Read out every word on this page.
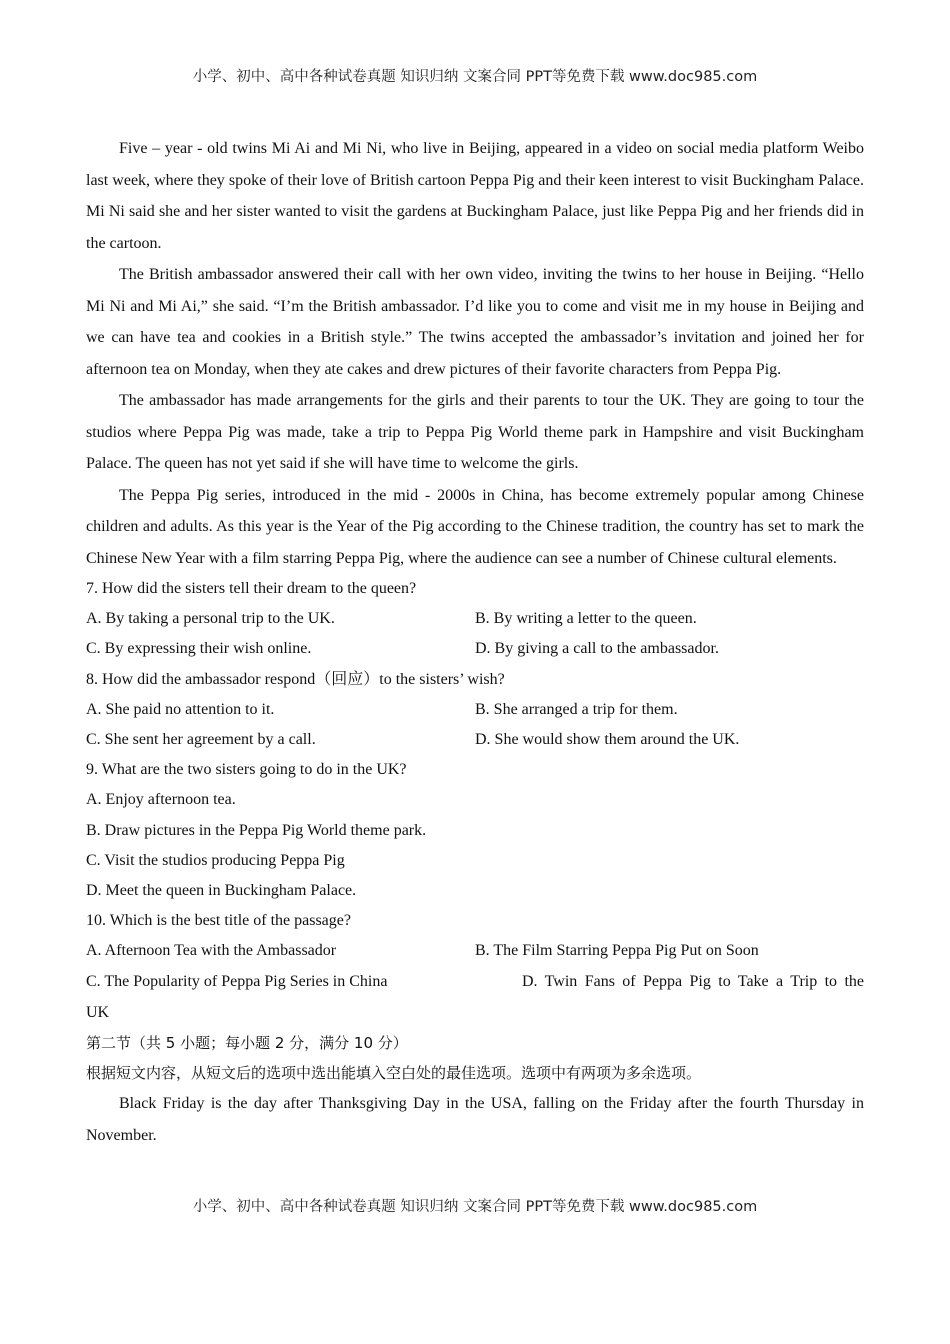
小学、初中、高中各种试卷真题 知识归纳 文案合同 PPT等免费下载 www.doc985.com

Five – year - old twins Mi Ai and Mi Ni, who live in Beijing, appeared in a video on social media platform Weibo last week, where they spoke of their love of British cartoon Peppa Pig and their keen interest to visit Buckingham Palace. Mi Ni said she and her sister wanted to visit the gardens at Buckingham Palace, just like Peppa Pig and her friends did in the cartoon.

The British ambassador answered their call with her own video, inviting the twins to her house in Beijing. “Hello Mi Ni and Mi Ai,” she said. “I’m the British ambassador. I’d like you to come and visit me in my house in Beijing and we can have tea and cookies in a British style.” The twins accepted the ambassador’s invitation and joined her for afternoon tea on Monday, when they ate cakes and drew pictures of their favorite characters from Peppa Pig.

The ambassador has made arrangements for the girls and their parents to tour the UK. They are going to tour the studios where Peppa Pig was made, take a trip to Peppa Pig World theme park in Hampshire and visit Buckingham Palace. The queen has not yet said if she will have time to welcome the girls.

The Peppa Pig series, introduced in the mid - 2000s in China, has become extremely popular among Chinese children and adults. As this year is the Year of the Pig according to the Chinese tradition, the country has set to mark the Chinese New Year with a film starring Peppa Pig, where the audience can see a number of Chinese cultural elements.

7. How did the sisters tell their dream to the queen?

A. By taking a personal trip to the UK.	B. By writing a letter to the queen.

C. By expressing their wish online.	D. By giving a call to the ambassador.

8. How did the ambassador respond（回应）to the sisters’ wish?

A. She paid no attention to it.	B. She arranged a trip for them.

C. She sent her agreement by a call.	D. She would show them around the UK.

9. What are the two sisters going to do in the UK?

A. Enjoy afternoon tea.

B. Draw pictures in the Peppa Pig World theme park.

C. Visit the studios producing Peppa Pig

D. Meet the queen in Buckingham Palace.

10. Which is the best title of the passage?

A. Afternoon Tea with the Ambassador	B. The Film Starring Peppa Pig Put on Soon

C. The Popularity of Peppa Pig Series in China	D. Twin Fans of Peppa Pig to Take a Trip to the

UK

第二节（共 5 小题；每小题 2 分，满分 10 分）

根据短文内容，从短文后的选项中选出能填入空白处的最佳选项。选项中有两项为多余选项。

Black Friday is the day after Thanksgiving Day in the USA, falling on the Friday after the fourth Thursday in November.

小学、初中、高中各种试卷真题 知识归纳 文案合同 PPT等免费下载 www.doc985.com
